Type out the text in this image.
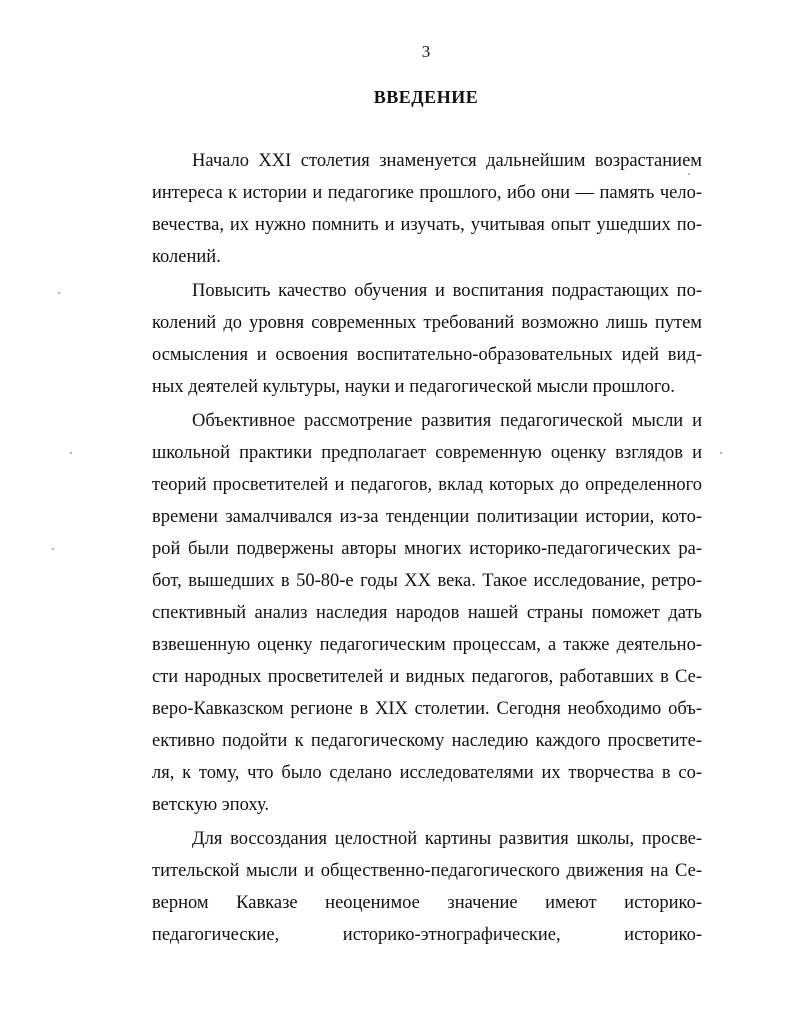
3
ВВЕДЕНИЕ
Начало XXI столетия знаменуется дальнейшим возрастанием
интереса к истории и педагогике прошлого, ибо они — память чело-
вечества, их нужно помнить и изучать, учитывая опыт ушедших по-
колений.
Повысить качество обучения и воспитания подрастающих по-
колений до уровня современных требований возможно лишь путем
осмысления и освоения воспитательно-образовательных идей вид-
ных деятелей культуры, науки и педагогической мысли прошлого.
Объективное рассмотрение развития педагогической мысли и
школьной практики предполагает современную оценку взглядов и
теорий просветителей и педагогов, вклад которых до определенного
времени замалчивался из-за тенденции политизации истории, кото-
рой были подвержены авторы многих историко-педагогических ра-
бот, вышедших в 50-80-е годы XX века. Такое исследование, ретро-
спективный анализ наследия народов нашей страны поможет дать
взвешенную оценку педагогическим процессам, а также деятельно-
сти народных просветителей и видных педагогов, работавших в Се-
веро-Кавказском регионе в XIX столетии. Сегодня необходимо объ-
ективно подойти к педагогическому наследию каждого просветите-
ля, к тому, что было сделано исследователями их творчества в со-
ветскую эпоху.
Для воссоздания целостной картины развития школы, просве-
тительской мысли и общественно-педагогического движения на Се-
верном Кавказе неоценимое значение имеют историко-
педагогические, историко-этнографические, историко-
